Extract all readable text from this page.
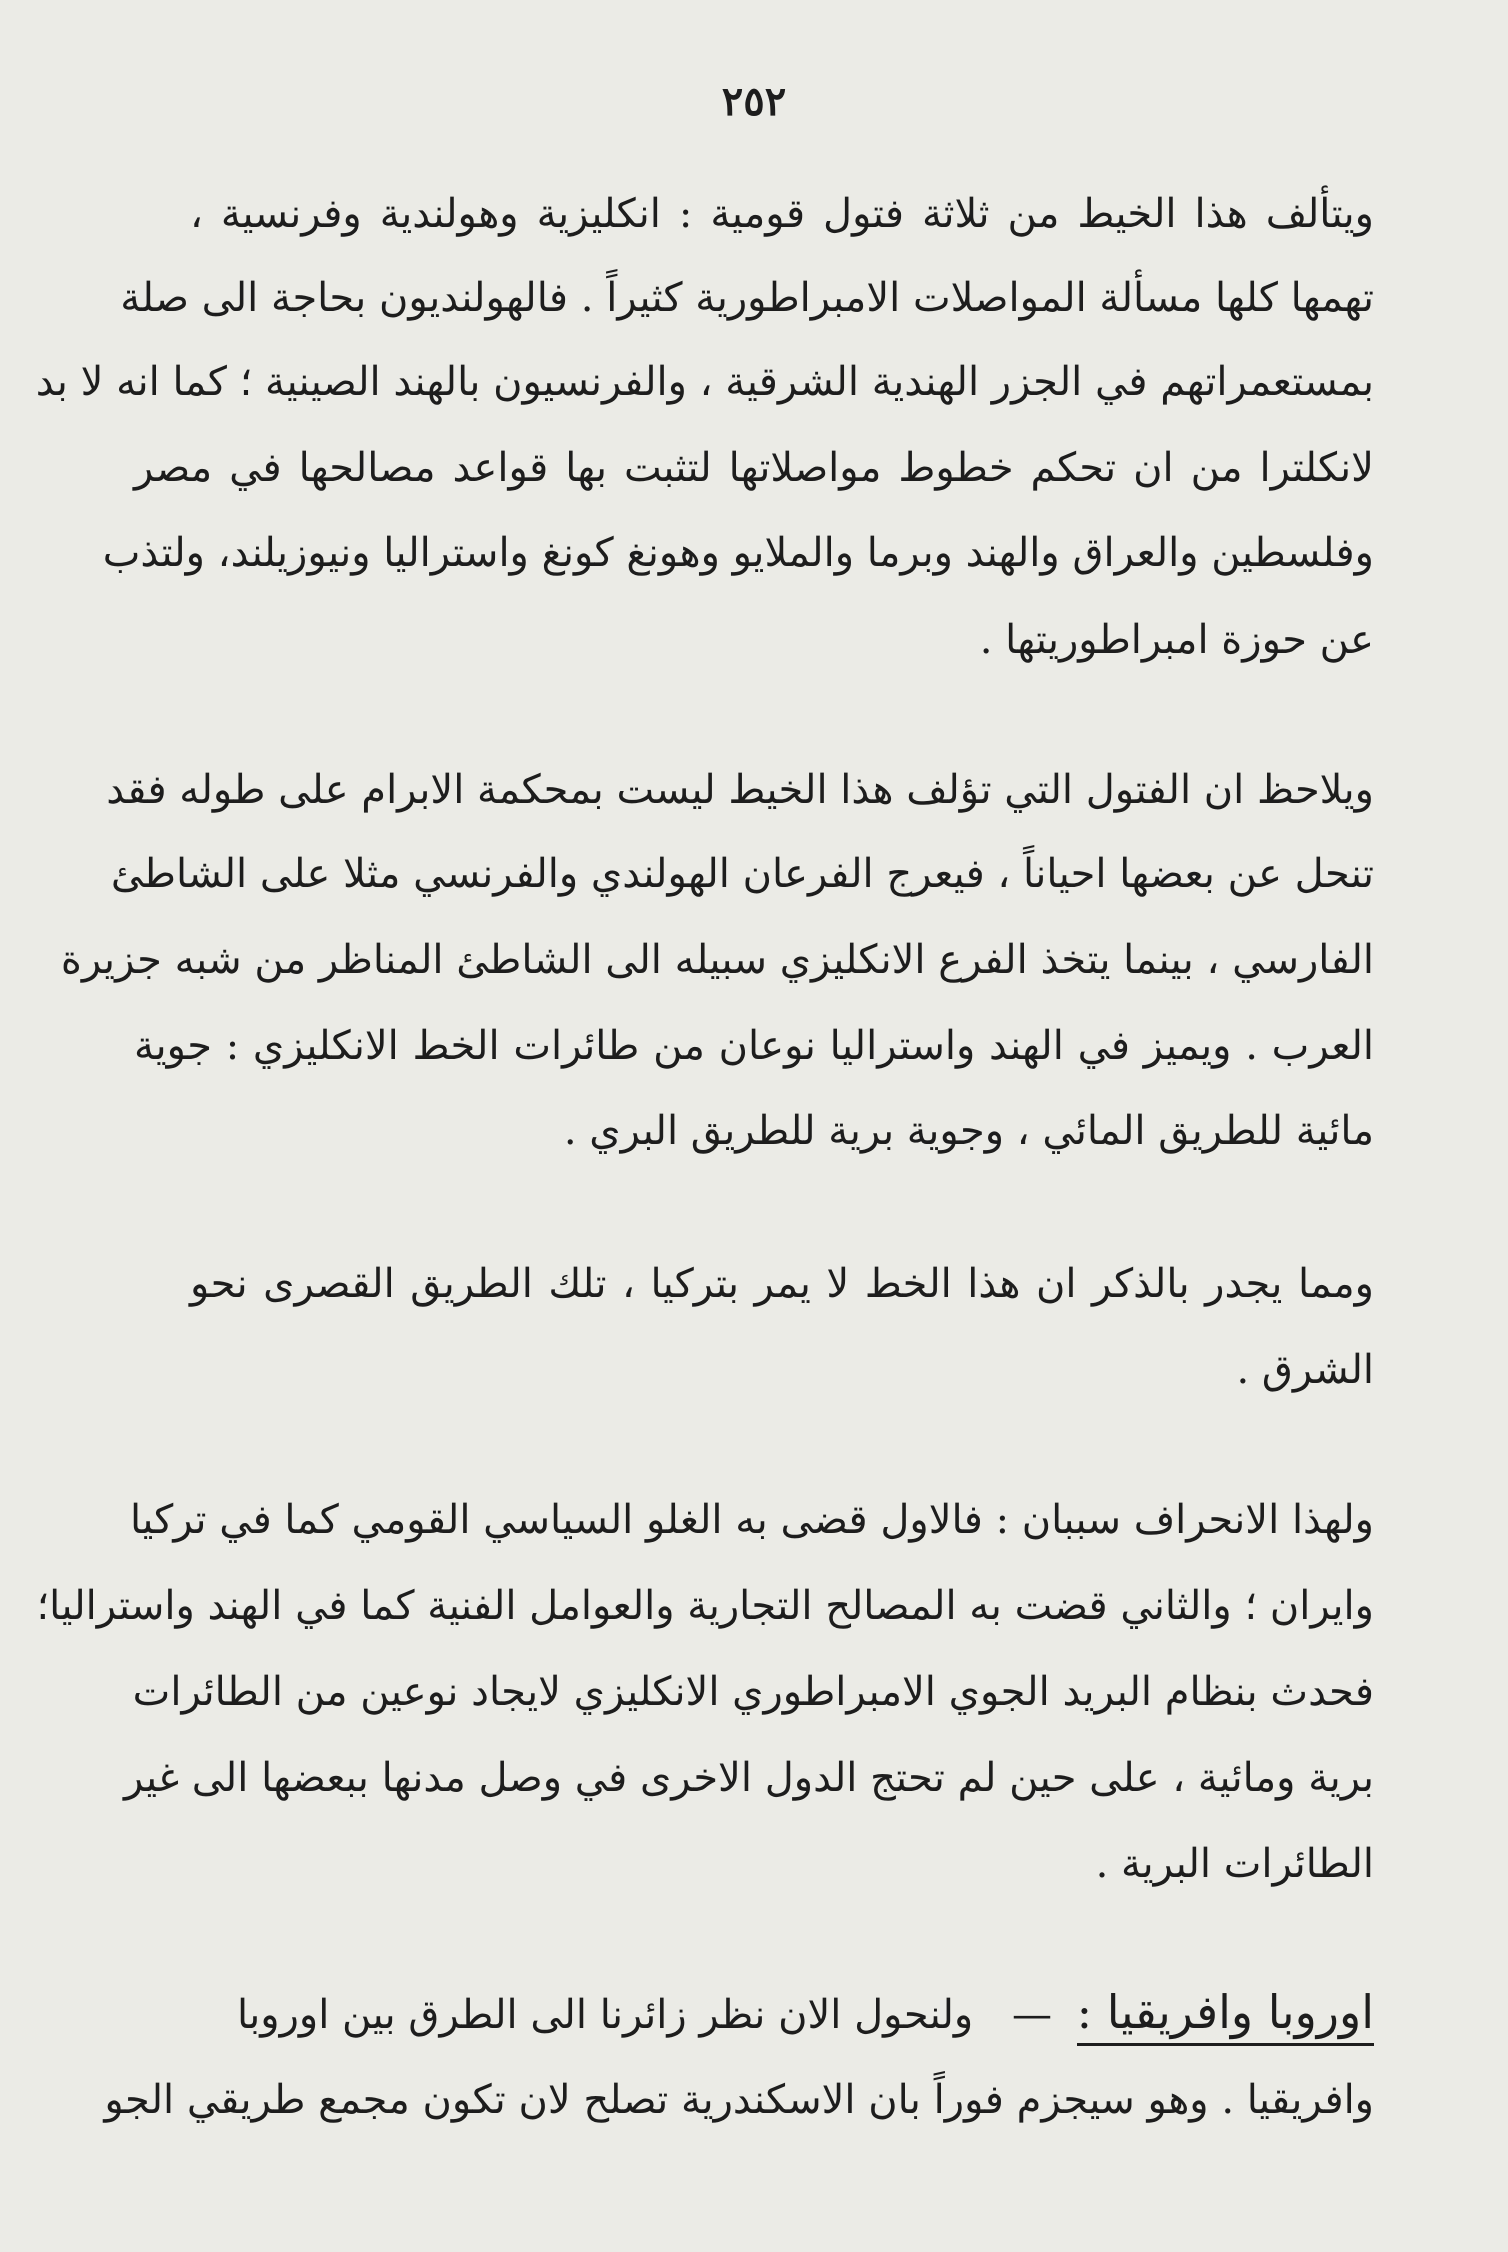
٢٥٢
ويتألف هذا الخيط من ثلاثة فتول قومية : انكليزية وهولندية وفرنسية ،
تهمها كلها مسألة المواصلات الامبراطورية كثيراً . فالهولنديون بحاجة الى صلة
بمستعمراتهم في الجزر الهندية الشرقية ، والفرنسيون بالهند الصينية ؛ كما انه لا بد
لانكلترا من ان تحكم خطوط مواصلاتها لتثبت بها قواعد مصالحها في مصر
وفلسطين والعراق والهند وبرما والملايو وهونغ كونغ واستراليا ونيوزيلند، ولتذب
عن حوزة امبراطوريتها .
ويلاحظ ان الفتول التي تؤلف هذا الخيط ليست بمحكمة الابرام على طوله فقد
تنحل عن بعضها احياناً ، فيعرج الفرعان الهولندي والفرنسي مثلا على الشاطئ
الفارسي ، بينما يتخذ الفرع الانكليزي سبيله الى الشاطئ المناظر من شبه جزيرة
العرب . ويميز في الهند واستراليا نوعان من طائرات الخط الانكليزي : جوية
مائية للطريق المائي ، وجوية برية للطريق البري .
ومما يجدر بالذكر ان هذا الخط لا يمر بتركيا ، تلك الطريق القصرى نحو
الشرق .
ولهذا الانحراف سببان : فالاول قضى به الغلو السياسي القومي كما في تركيا
وايران ؛ والثاني قضت به المصالح التجارية والعوامل الفنية كما في الهند واستراليا؛
فحدث بنظام البريد الجوي الامبراطوري الانكليزي لايجاد نوعين من الطائرات
برية ومائية ، على حين لم تحتج الدول الاخرى في وصل مدنها ببعضها الى غير
الطائرات البرية .
اوروبا وافريقيا : — ولنحول الان نظر زائرنا الى الطرق بين اوروبا
وافريقيا . وهو سيجزم فوراً بان الاسكندرية تصلح لان تكون مجمع طريقي الجو
